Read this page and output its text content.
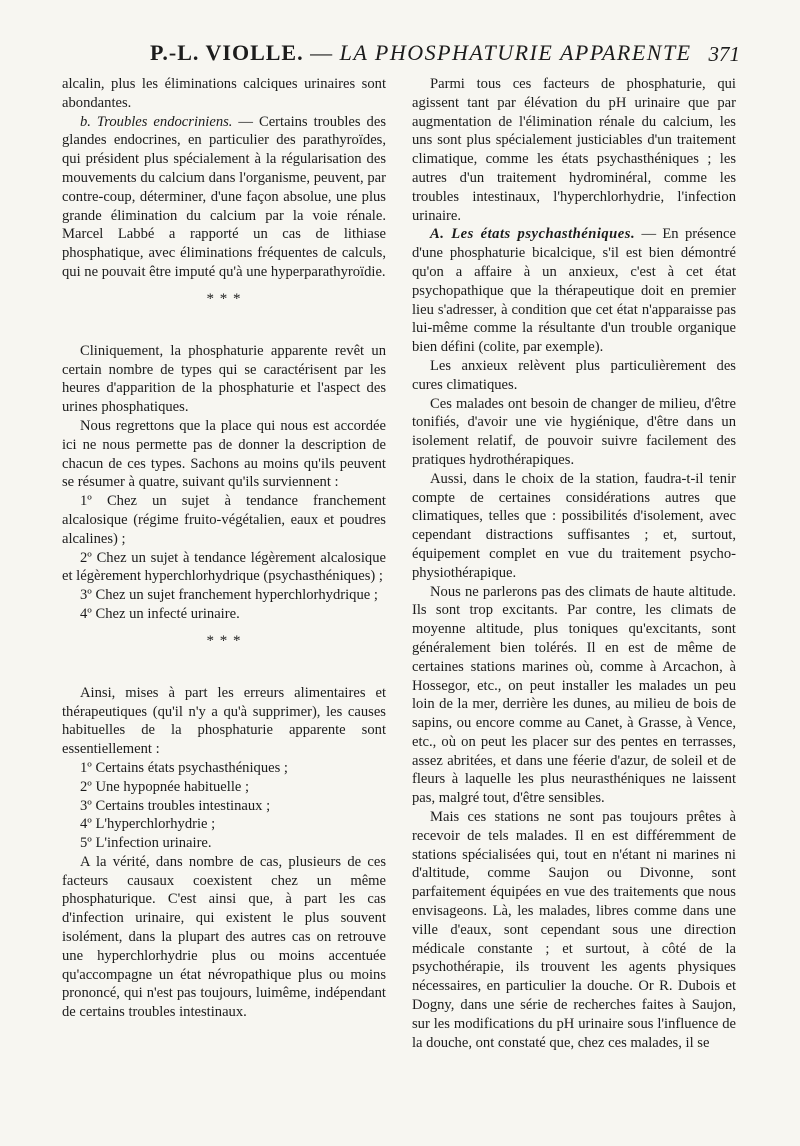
P.-L. VIOLLE. — LA PHOSPHATURIE APPARENTE 371

alcalin, plus les éliminations calciques urinaires sont abondantes.

b. Troubles endocriniens. — Certains troubles des glandes endocrines, en particulier des parathyroïdes, qui président plus spécialement à la régularisation des mouvements du calcium dans l'organisme, peuvent, par contre-coup, déterminer, d'une façon absolue, une plus grande élimination du calcium par la voie rénale. Marcel Labbé a rapporté un cas de lithiase phosphatique, avec éliminations fréquentes de calculs, qui ne pouvait être imputé qu'à une hyperparathyroïdie.

* * *

Cliniquement, la phosphaturie apparente revêt un certain nombre de types qui se caractérisent par les heures d'apparition de la phosphaturie et l'aspect des urines phosphatiques.

Nous regrettons que la place qui nous est accordée ici ne nous permette pas de donner la description de chacun de ces types. Sachons au moins qu'ils peuvent se résumer à quatre, suivant qu'ils surviennent :

1º Chez un sujet à tendance franchement alcalosique (régime fruito-végétalien, eaux et poudres alcalines) ;

2º Chez un sujet à tendance légèrement alcalosique et légèrement hyperchlorhydrique (psychasthéniques) ;

3º Chez un sujet franchement hyperchlorhydrique ;

4º Chez un infecté urinaire.

* * *

Ainsi, mises à part les erreurs alimentaires et thérapeutiques (qu'il n'y a qu'à supprimer), les causes habituelles de la phosphaturie apparente sont essentiellement :

1º Certains états psychasthéniques ;

2º Une hypopnée habituelle ;

3º Certains troubles intestinaux ;

4º L'hyperchlorhydrie ;

5º L'infection urinaire.

A la vérité, dans nombre de cas, plusieurs de ces facteurs causaux coexistent chez un même phosphaturique. C'est ainsi que, à part les cas d'infection urinaire, qui existent le plus souvent isolément, dans la plupart des autres cas on retrouve une hyperchlorhydrie plus ou moins accentuée qu'accompagne un état névropathique plus ou moins prononcé, qui n'est pas toujours, luimême, indépendant de certains troubles intestinaux.

Parmi tous ces facteurs de phosphaturie, qui agissent tant par élévation du pH urinaire que par augmentation de l'élimination rénale du calcium, les uns sont plus spécialement justiciables d'un traitement climatique, comme les états psychasthéniques ; les autres d'un traitement hydrominéral, comme les troubles intestinaux, l'hyperchlorhydrie, l'infection urinaire.

A. Les états psychasthéniques. — En présence d'une phosphaturie bicalcique, s'il est bien démontré qu'on a affaire à un anxieux, c'est à cet état psychopathique que la thérapeutique doit en premier lieu s'adresser, à condition que cet état n'apparaisse pas lui-même comme la résultante d'un trouble organique bien défini (colite, par exemple).

Les anxieux relèvent plus particulièrement des cures climatiques.

Ces malades ont besoin de changer de milieu, d'être tonifiés, d'avoir une vie hygiénique, d'être dans un isolement relatif, de pouvoir suivre facilement des pratiques hydrothérapiques.

Aussi, dans le choix de la station, faudra-t-il tenir compte de certaines considérations autres que climatiques, telles que : possibilités d'isolement, avec cependant distractions suffisantes ; et, surtout, équipement complet en vue du traitement psycho-physiothérapique.

Nous ne parlerons pas des climats de haute altitude. Ils sont trop excitants. Par contre, les climats de moyenne altitude, plus toniques qu'excitants, sont généralement bien tolérés. Il en est de même de certaines stations marines où, comme à Arcachon, à Hossegor, etc., on peut installer les malades un peu loin de la mer, derrière les dunes, au milieu de bois de sapins, ou encore comme au Canet, à Grasse, à Vence, etc., où on peut les placer sur des pentes en terrasses, assez abritées, et dans une féerie d'azur, de soleil et de fleurs à laquelle les plus neurasthéniques ne laissent pas, malgré tout, d'être sensibles.

Mais ces stations ne sont pas toujours prêtes à recevoir de tels malades. Il en est différemment de stations spécialisées qui, tout en n'étant ni marines ni d'altitude, comme Saujon ou Divonne, sont parfaitement équipées en vue des traitements que nous envisageons. Là, les malades, libres comme dans une ville d'eaux, sont cependant sous une direction médicale constante ; et surtout, à côté de la psychothérapie, ils trouvent les agents physiques nécessaires, en particulier la douche. Or R. Dubois et Dogny, dans une série de recherches faites à Saujon, sur les modifications du pH urinaire sous l'influence de la douche, ont constaté que, chez ces malades, il se
